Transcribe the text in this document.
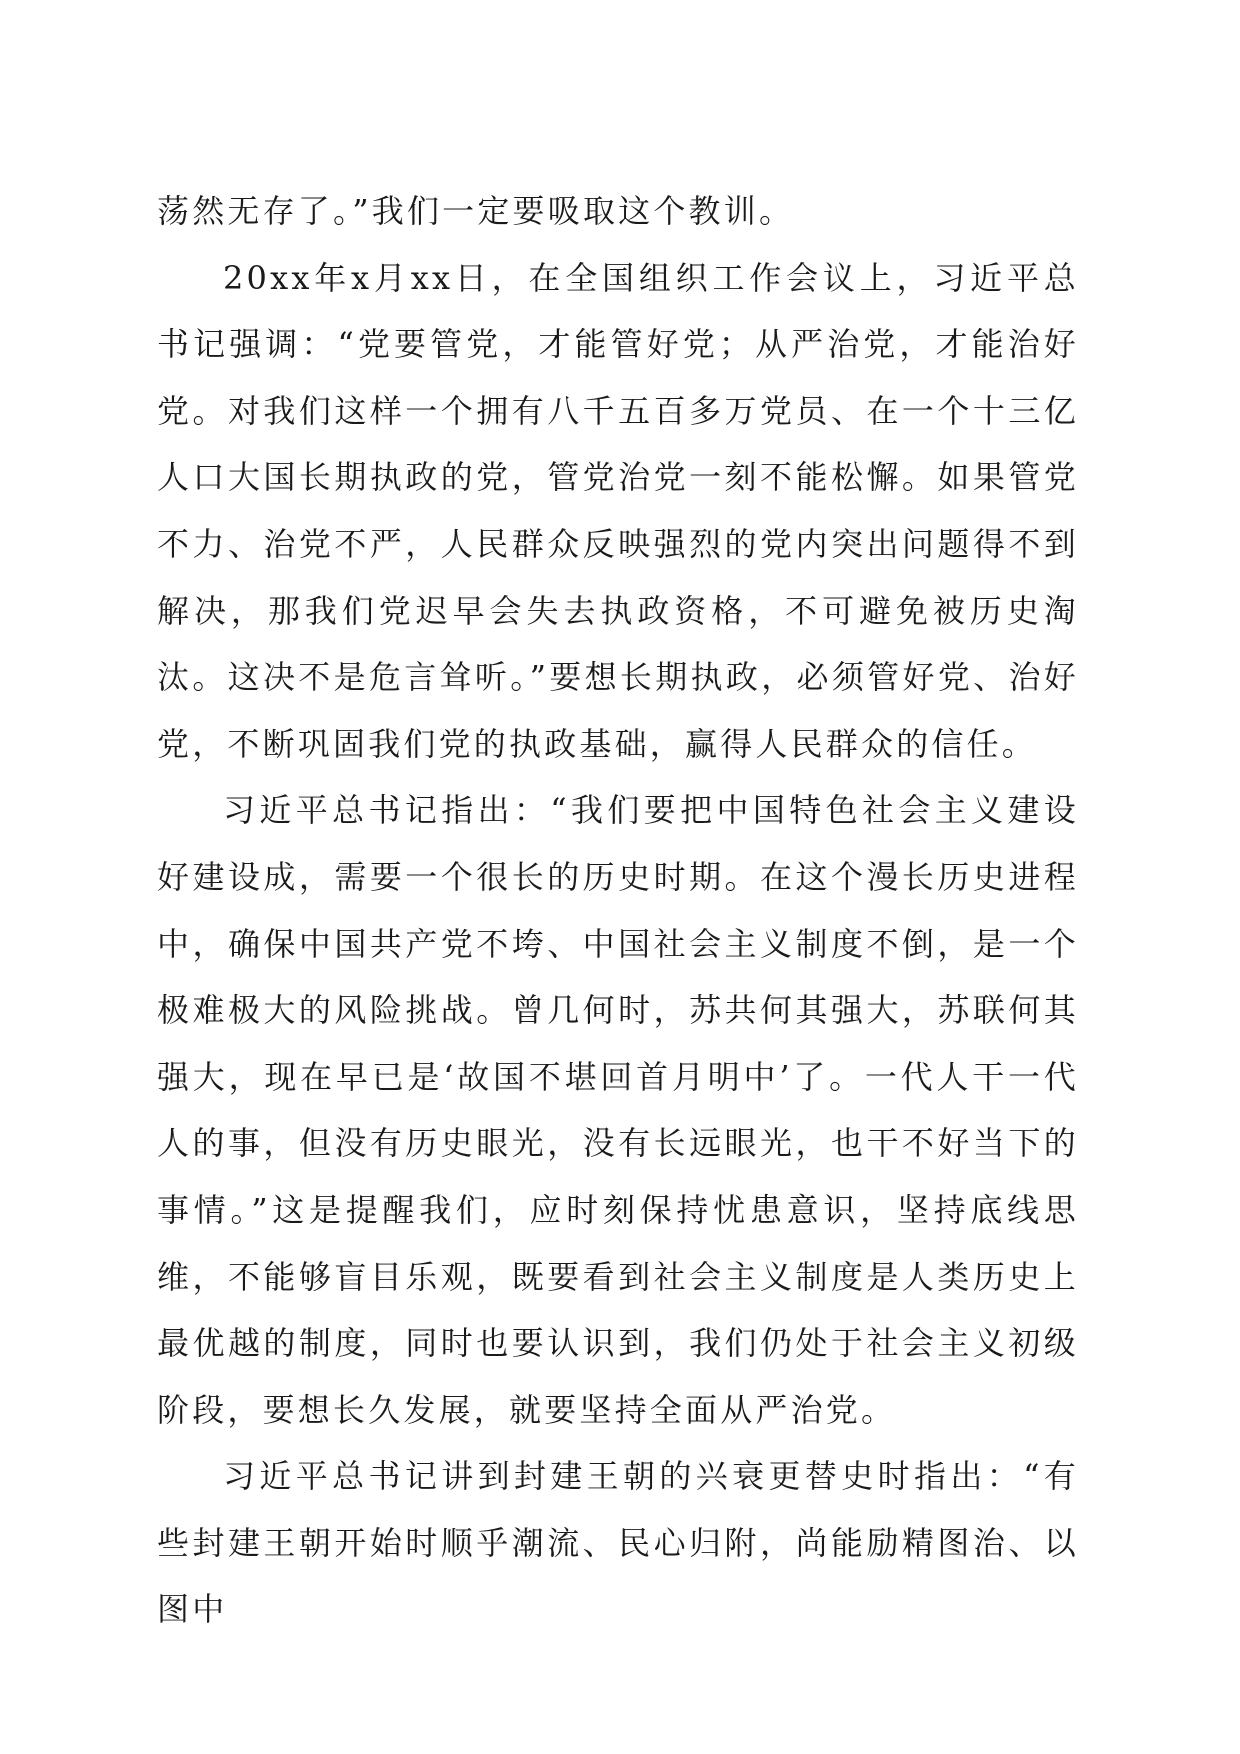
荡然无存了。”我们一定要吸取这个教训。

20xx年x月xx日，在全国组织工作会议上，习近平总书记强调：“党要管党，才能管好党；从严治党，才能治好党。对我们这样一个拥有八千五百多万党员、在一个十三亿人口大国长期执政的党，管党治党一刻不能松懈。如果管党不力、治党不严，人民群众反映强烈的党内突出问题得不到解决，那我们党迟早会失去执政资格，不可避免被历史淘汰。这决不是危言耸听。”要想长期执政，必须管好党、治好党，不断巩固我们党的执政基础，赢得人民群众的信任。

习近平总书记指出：“我们要把中国特色社会主义建设好建设成，需要一个很长的历史时期。在这个漫长历史进程中，确保中国共产党不垮、中国社会主义制度不倒，是一个极难极大的风险挑战。曾几何时，苏共何其强大，苏联何其强大，现在早已是‘故国不堪回首月明中’了。一代人干一代人的事，但没有历史眼光，没有长远眼光，也干不好当下的事情。”这是提醒我们，应时刻保持忧患意识，坚持底线思维，不能够盲目乐观，既要看到社会主义制度是人类历史上最优越的制度，同时也要认识到，我们仍处于社会主义初级阶段，要想长久发展，就要坚持全面从严治党。

习近平总书记讲到封建王朝的兴衰更替史时指出：“有些封建王朝开始时顺乎潮流、民心归附，尚能励精图治、以图中
